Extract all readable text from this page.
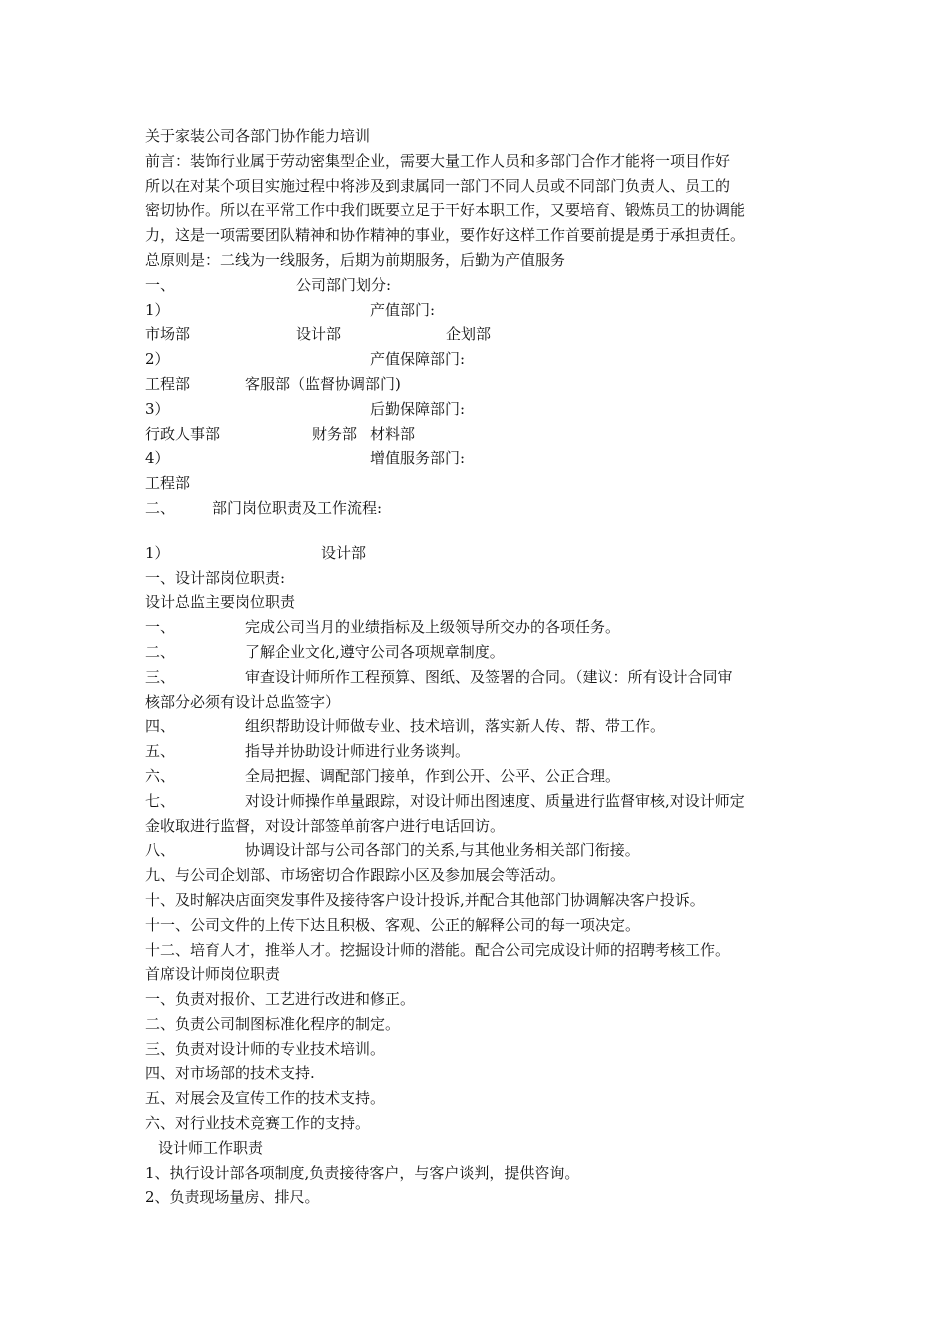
关于家装公司各部门协作能力培训
前言：装饰行业属于劳动密集型企业，需要大量工作人员和多部门合作才能将一项目作好
所以在对某个项目实施过程中将涉及到隶属同一部门不同人员或不同部门负责人、员工的
密切协作。所以在平常工作中我们既要立足于干好本职工作，又要培育、锻炼员工的协调能
力，这是一项需要团队精神和协作精神的事业，要作好这样工作首要前提是勇于承担责任。
总原则是：二线为一线服务，后期为前期服务，后勤为产值服务
一、	公司部门划分:
1）	产值部门:
市场部	设计部	企划部
2）	产值保障部门:
工程部	客服部（监督协调部门)
3）	后勤保障部门:
行政人事部	财务部 材料部
4）	增值服务部门:
工程部
二、 部门岗位职责及工作流程:
1）	设计部
一、设计部岗位职责:
设计总监主要岗位职责
一、	完成公司当月的业绩指标及上级领导所交办的各项任务。
二、	了解企业文化,遵守公司各项规章制度。
三、	审查设计师所作工程预算、图纸、及签署的合同。（建议：所有设计合同审
核部分必须有设计总监签字）
四、	组织帮助设计师做专业、技术培训，落实新人传、帮、带工作。
五、	指导并协助设计师进行业务谈判。
六、	全局把握、调配部门接单，作到公开、公平、公正合理。
七、	对设计师操作单量跟踪，对设计师出图速度、质量进行监督审核,对设计师定
金收取进行监督，对设计部签单前客户进行电话回访。
八、	协调设计部与公司各部门的关系,与其他业务相关部门衔接。
九、与公司企划部、市场密切合作跟踪小区及参加展会等活动。
十、及时解决店面突发事件及接待客户设计投诉,并配合其他部门协调解决客户投诉。
十一、公司文件的上传下达且积极、客观、公正的解释公司的每一项决定。
十二、培育人才，推举人才。挖掘设计师的潜能。配合公司完成设计师的招聘考核工作。
首席设计师岗位职责
一、负责对报价、工艺进行改进和修正。
二、负责公司制图标准化程序的制定。
三、负责对设计师的专业技术培训。
四、对市场部的技术支持.
五、对展会及宣传工作的技术支持。
六、对行业技术竞赛工作的支持。
设计师工作职责
1、执行设计部各项制度,负责接待客户，与客户谈判，提供咨询。
2、负责现场量房、排尺。
